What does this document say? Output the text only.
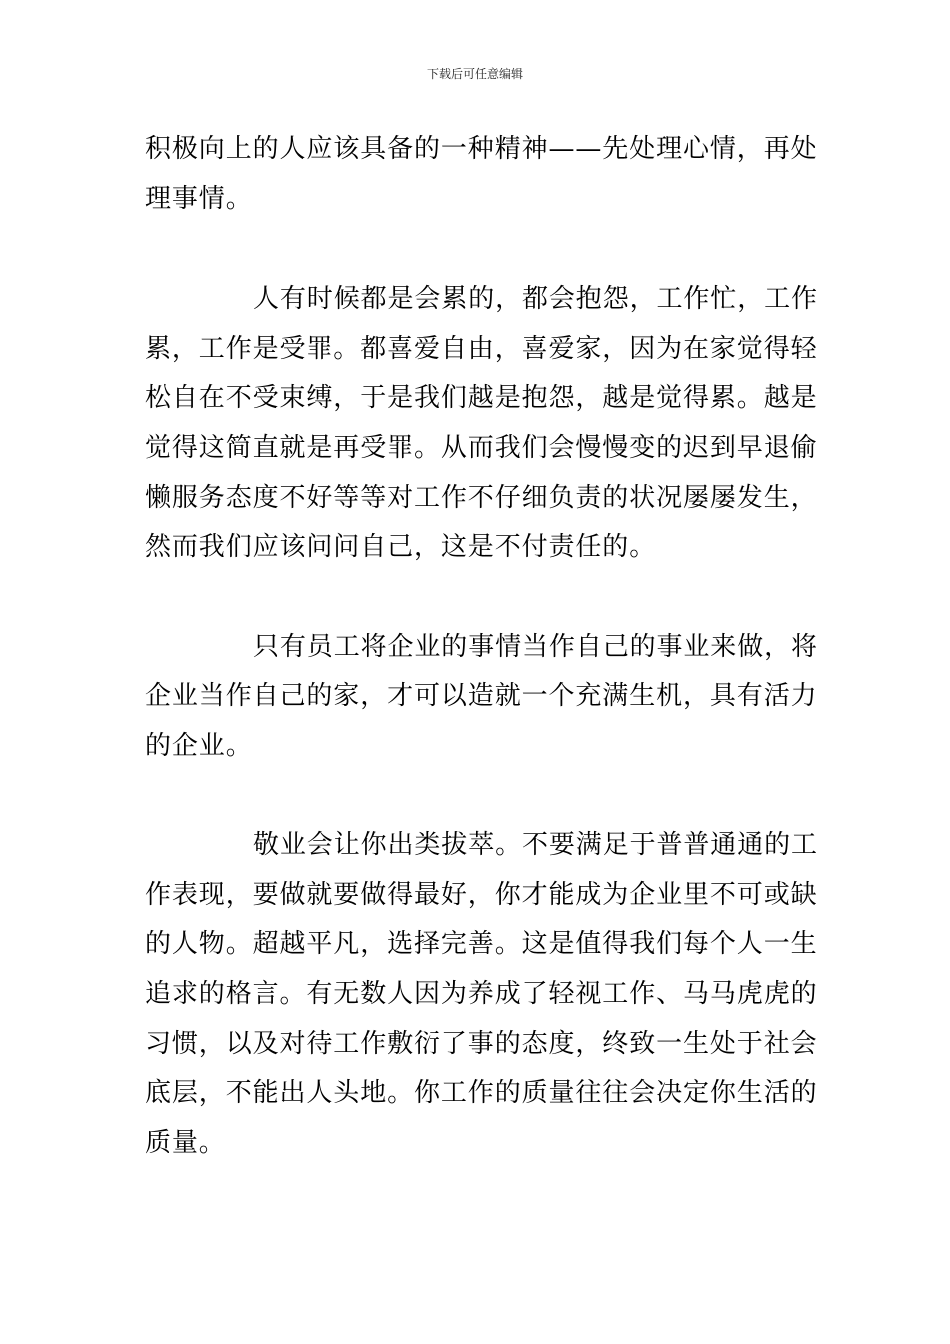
下载后可任意编辑
积极向上的人应该具备的一种精神——先处理心情，再处
理事情。
人有时候都是会累的，都会抱怨，工作忙，工作
累，工作是受罪。都喜爱自由，喜爱家，因为在家觉得轻
松自在不受束缚，于是我们越是抱怨，越是觉得累。越是
觉得这简直就是再受罪。从而我们会慢慢变的迟到早退偷
懒服务态度不好等等对工作不仔细负责的状况屡屡发生，
然而我们应该问问自己，这是不付责任的。
只有员工将企业的事情当作自己的事业来做，将
企业当作自己的家，才可以造就一个充满生机，具有活力
的企业。
敬业会让你出类拔萃。不要满足于普普通通的工
作表现，要做就要做得最好，你才能成为企业里不可或缺
的人物。超越平凡，选择完善。这是值得我们每个人一生
追求的格言。有无数人因为养成了轻视工作、马马虎虎的
习惯，以及对待工作敷衍了事的态度，终致一生处于社会
底层，不能出人头地。你工作的质量往往会决定你生活的
质量。
